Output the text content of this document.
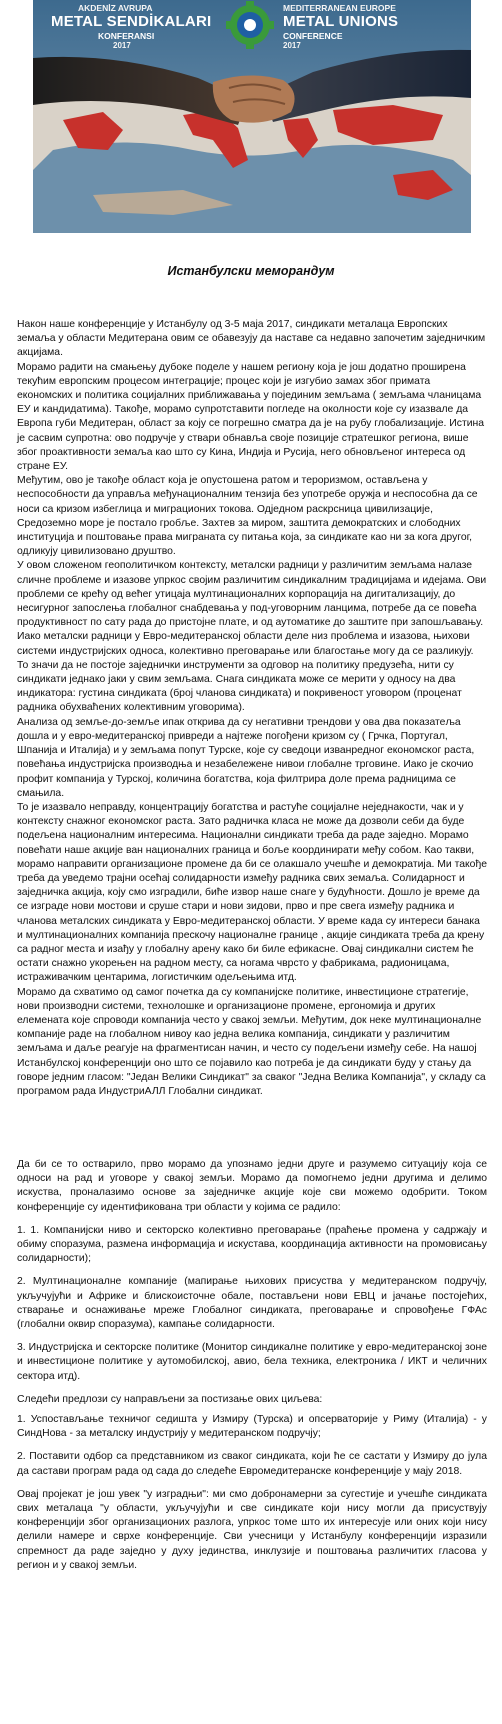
AKDENİZ AVRUPA
METAL SENDİKALARI
KONFERANSI
2017
MEDITERRANEAN EUROPE
METAL UNIONS
CONFERENCE
2017
Истанбулски меморандум

Након наше конференције у Истанбулу од 3-5 маја 2017, синдикати металаца Европских земаља у области Медитерана овим се обавезују да наставе са недавно започетим заједничким акцијама.

Морамо радити на смањењу дубоке поделе у нашем региону која је још додатно проширена текућим европским процесом интеграције; процес који је изгубио замах због примата економских и политика социјалних приближавања у појединим земљама ( земљама чланицама ЕУ и кандидатима). Такође, морамо супротставити погледе на околности које су изазвале да Европа губи Медитеран, област за коју се погрешно сматра да је на рубу глобализације. Истина је сасвим супротна: ово подручје у ствари обнавља своје позиције стратешког региона, више због проактивности земаља као што су Кина, Индија и Русија, него обновљеног интереса од стране ЕУ.

Међутим, ово је такође област која је опустошена ратом и тероризмом, остављена у неспособности да управља међунационалним тензија без употребе оружја и неспособна да се носи са кризом избеглица и миграционих токова. Одједном раскрсница цивилизације, Средоземно море је постало гробље. Захтев за миром, заштита демократских и слободних институција и поштовање права миграната су питања која, за синдикате као ни за кога другог, одликују цивилизовано друштво.

У овом сложеном геополитичком контексту, металски радници у различитим земљама налазе сличне проблеме и изазове упркос својим различитим синдикалним традицијама и идејама. Ови проблеми се крећу од већег утицаја мултинационалних корпорација на дигитализацију, до несигурног запослења глобалног снабдевања у под-уговорним ланцима, потребе да се повећа продуктивност по сату рада до пристојне плате, и од аутоматике до заштите при запошљавању.

Иако металски радници у Евро-медитеранској области деле низ проблема и изазова, њихови системи индустријских односа, колективно преговарање или благостање могу да се разликују. То значи да не постоје заједнички инструменти за одговор на политику предузећа, нити су синдикати једнако јаки у свим земљама. Снага синдиката може се мерити у односу на два индикатора: густина синдиката (број чланова синдиката) и покривеност уговором (проценат радника обухваћених колективним уговорима).

Анализа од земље-до-земље ипак открива да су негативни трендови у ова два показатеља дошла и у евро-медитеранској привреди а најтеже погођени кризом су ( Грчка, Португал, Шпанија и Италија) и у земљама попут Турске, које су сведоци изванредног економског раста, повећања индустријска производња и незабележене нивои глобалне трговине. Иако је скочио профит компанија у Турској, количина богатства, која филтрира доле према радницима се смањила.

То је изазвало неправду, концентрацију богатства и растуће социјалне неједнакости, чак и у контексту снажног економског раста. Зато радничка класа не може да дозволи себи да буде подељена националним интересима. Национални синдикати треба да раде заједно. Морамо повећати наше акције ван националних граница и боље координирати међу собом. Као такви, морамо направити организационе промене да би се олакшало учешће и демократија. Ми такође треба да уведемо трајни осећај солидарности између радника свих земаља. Солидарност и заједничка акција, коју смо изградили, биће извор наше снаге у будућности. Дошло је време да се изграде нови мостови и сруше стари и нови зидови, прво и пре свега између радника и чланова металских синдиката у Евро-медитеранској области. У време када су интереси банака и мултинационалних компанија прескочу националне границе , акције синдиката треба да крену са радног места и изађу у глобалну арену како би биле ефикасне. Овај синдикални систем ће остати снажно укорењен на радном месту, са ногама чврсто у фабрикама, радионицама, истраживачким центарима, логистичким одељењима итд.

Морамо да схватимо од самог почетка да су компанијске политике, инвестиционе стратегије, нови производни системи, технолошке и организационе промене, ергономија и других елемената које спроводи компанија често у свакој земљи. Међутим, док неке мултинационалне компаније раде на глобалном нивоу као једна велика компанија, синдикати у различитим земљама и даље реагује на фрагментисан начин, и често су подељени између себе. На нашој Истанбулској конференцији оно што се појавило као потреба је да синдикати буду у стању да говоре једним гласом: "Један Велики Синдикат" за сваког "Једна Велика Компанија", у складу са програмом рада ИндустриАЛЛ Глобални синдикат.

Да би се то остварило, прво морамо да упознамо једни друге и разумемо ситуацију која се односи на рад и уговоре у свакој земљи. Морамо да помогнемо једни другима и делимо искуства, проналазимо основе за заједничке акције које сви можемо одобрити. Током конференције су идентификована три области у којима се радило:

1. 1. Компанијски ниво и секторско колективно преговарање (праћење промена у садржају и обиму споразума, размена информација и искустава, координација активности на промовисању солидарности);

2. Мултинационалне компаније (мапирање њихових присуства у медитеранском подручју, укључујући и Африке и блискоисточне обале, постављени нови ЕВЦ и јачање постојећих, стварање и оснаживање мреже Глобалног синдиката, преговарање и спровођење ГФАс (глобални оквир споразума), кампање солидарности.

3. Индустријска и секторске политике (Монитор синдикалне политике у евро-медитеранској зоне и инвестиционе политике у аутомобилској, авио, бела техника, електроника / ИКТ и челичних сектора итд).

Следећи предлози су направљени за постизање ових циљева:

1. Успостављање техничог седишта у Измиру (Турска) и опсерваторије у Риму (Италија) - у СиндНова - за металску индустрију у медитеранском подручју;

2. Поставити одбор са представником из сваког синдиката, који ће се састати у Измиру до јула да састави програм рада од сада до следеће Евромедитеранске конференције у мају 2018.

Овај пројекат је још увек "у изградњи": ми смо добронамерни за сугестије и учешће синдиката свих металаца "у области, укључујући и све синдикате који нису могли да присуствују конференцији због организационих разлога, упркос томе што их интересује или оних који нису делили намере и сврхе конференције. Сви учесници у Истанбулу конференцији изразили спремност да раде заједно у духу јединства, инклузије и поштовања различитих гласова у регион и у свакој земљи.
